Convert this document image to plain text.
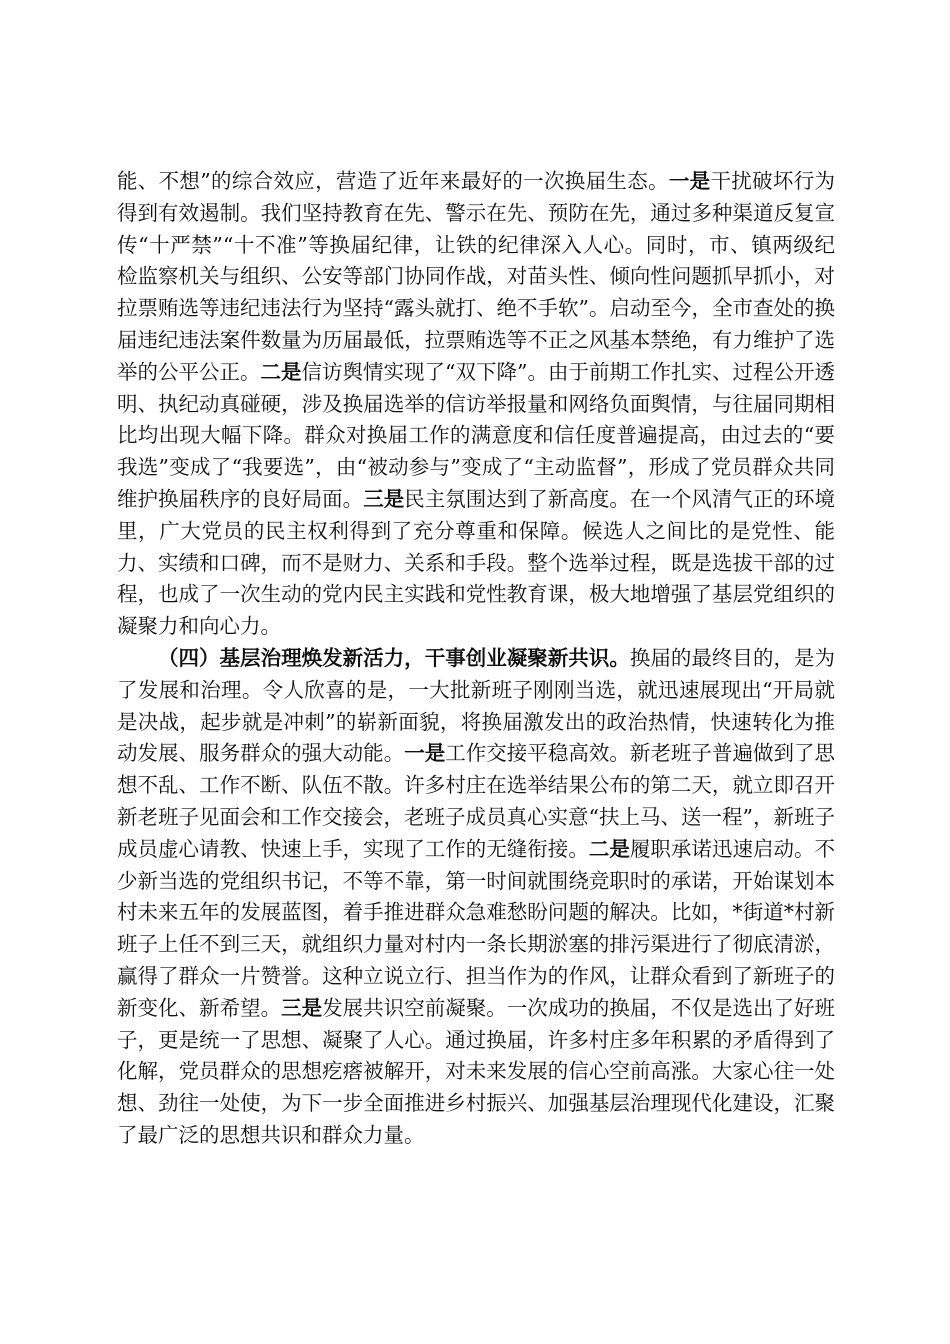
能、不想”的综合效应，营造了近年来最好的一次换届生态。一是干扰破坏行为得到有效遏制。我们坚持教育在先、警示在先、预防在先，通过多种渠道反复宣传“十严禁”“十不准”等换届纪律，让铁的纪律深入人心。同时，市、镇两级纪检监察机关与组织、公安等部门协同作战，对苗头性、倾向性问题抓早抓小，对拉票贿选等违纪违法行为坚持“露头就打、绝不手软”。启动至今，全市查处的换届违纪违法案件数量为历届最低，拉票贿选等不正之风基本禁绝，有力维护了选举的公平公正。二是信访舆情实现了“双下降”。由于前期工作扎实、过程公开透明、执纪动真碰硬，涉及换届选举的信访举报量和网络负面舆情，与往届同期相比均出现大幅下降。群众对换届工作的满意度和信任度普遍提高，由过去的“要我选”变成了“我要选”，由“被动参与”变成了“主动监督”，形成了党员群众共同维护换届秩序的良好局面。三是民主氛围达到了新高度。在一个风清气正的环境里，广大党员的民主权利得到了充分尊重和保障。候选人之间比的是党性、能力、实绩和口碑，而不是财力、关系和手段。整个选举过程，既是选拔干部的过程，也成了一次生动的党内民主实践和党性教育课，极大地增强了基层党组织的凝聚力和向心力。

（四）基层治理焕发新活力，干事创业凝聚新共识。换届的最终目的，是为了发展和治理。令人欣喜的是，一大批新班子刚刚当选，就迅速展现出“开局就是决战，起步就是冲刺”的崭新面貌，将换届激发出的政治热情，快速转化为推动发展、服务群众的强大动能。一是工作交接平稳高效。新老班子普遍做到了思想不乱、工作不断、队伍不散。许多村庄在选举结果公布的第二天，就立即召开新老班子见面会和工作交接会，老班子成员真心实意“扶上马、送一程”，新班子成员虚心请教、快速上手，实现了工作的无缝衔接。二是履职承诺迅速启动。不少新当选的党组织书记，不等不靠，第一时间就围绕竞职时的承诺，开始谋划本村未来五年的发展蓝图，着手推进群众急难愁盼问题的解决。比如，*街道*村新班子上任不到三天，就组织力量对村内一条长期淤塞的排污渠进行了彻底清淤，赢得了群众一片赞誉。这种立说立行、担当作为的作风，让群众看到了新班子的新变化、新希望。三是发展共识空前凝聚。一次成功的换届，不仅是选出了好班子，更是统一了思想、凝聚了人心。通过换届，许多村庄多年积累的矛盾得到了化解，党员群众的思想疙瘩被解开，对未来发展的信心空前高涨。大家心往一处想、劲往一处使，为下一步全面推进乡村振兴、加强基层治理现代化建设，汇聚了最广泛的思想共识和群众力量。
